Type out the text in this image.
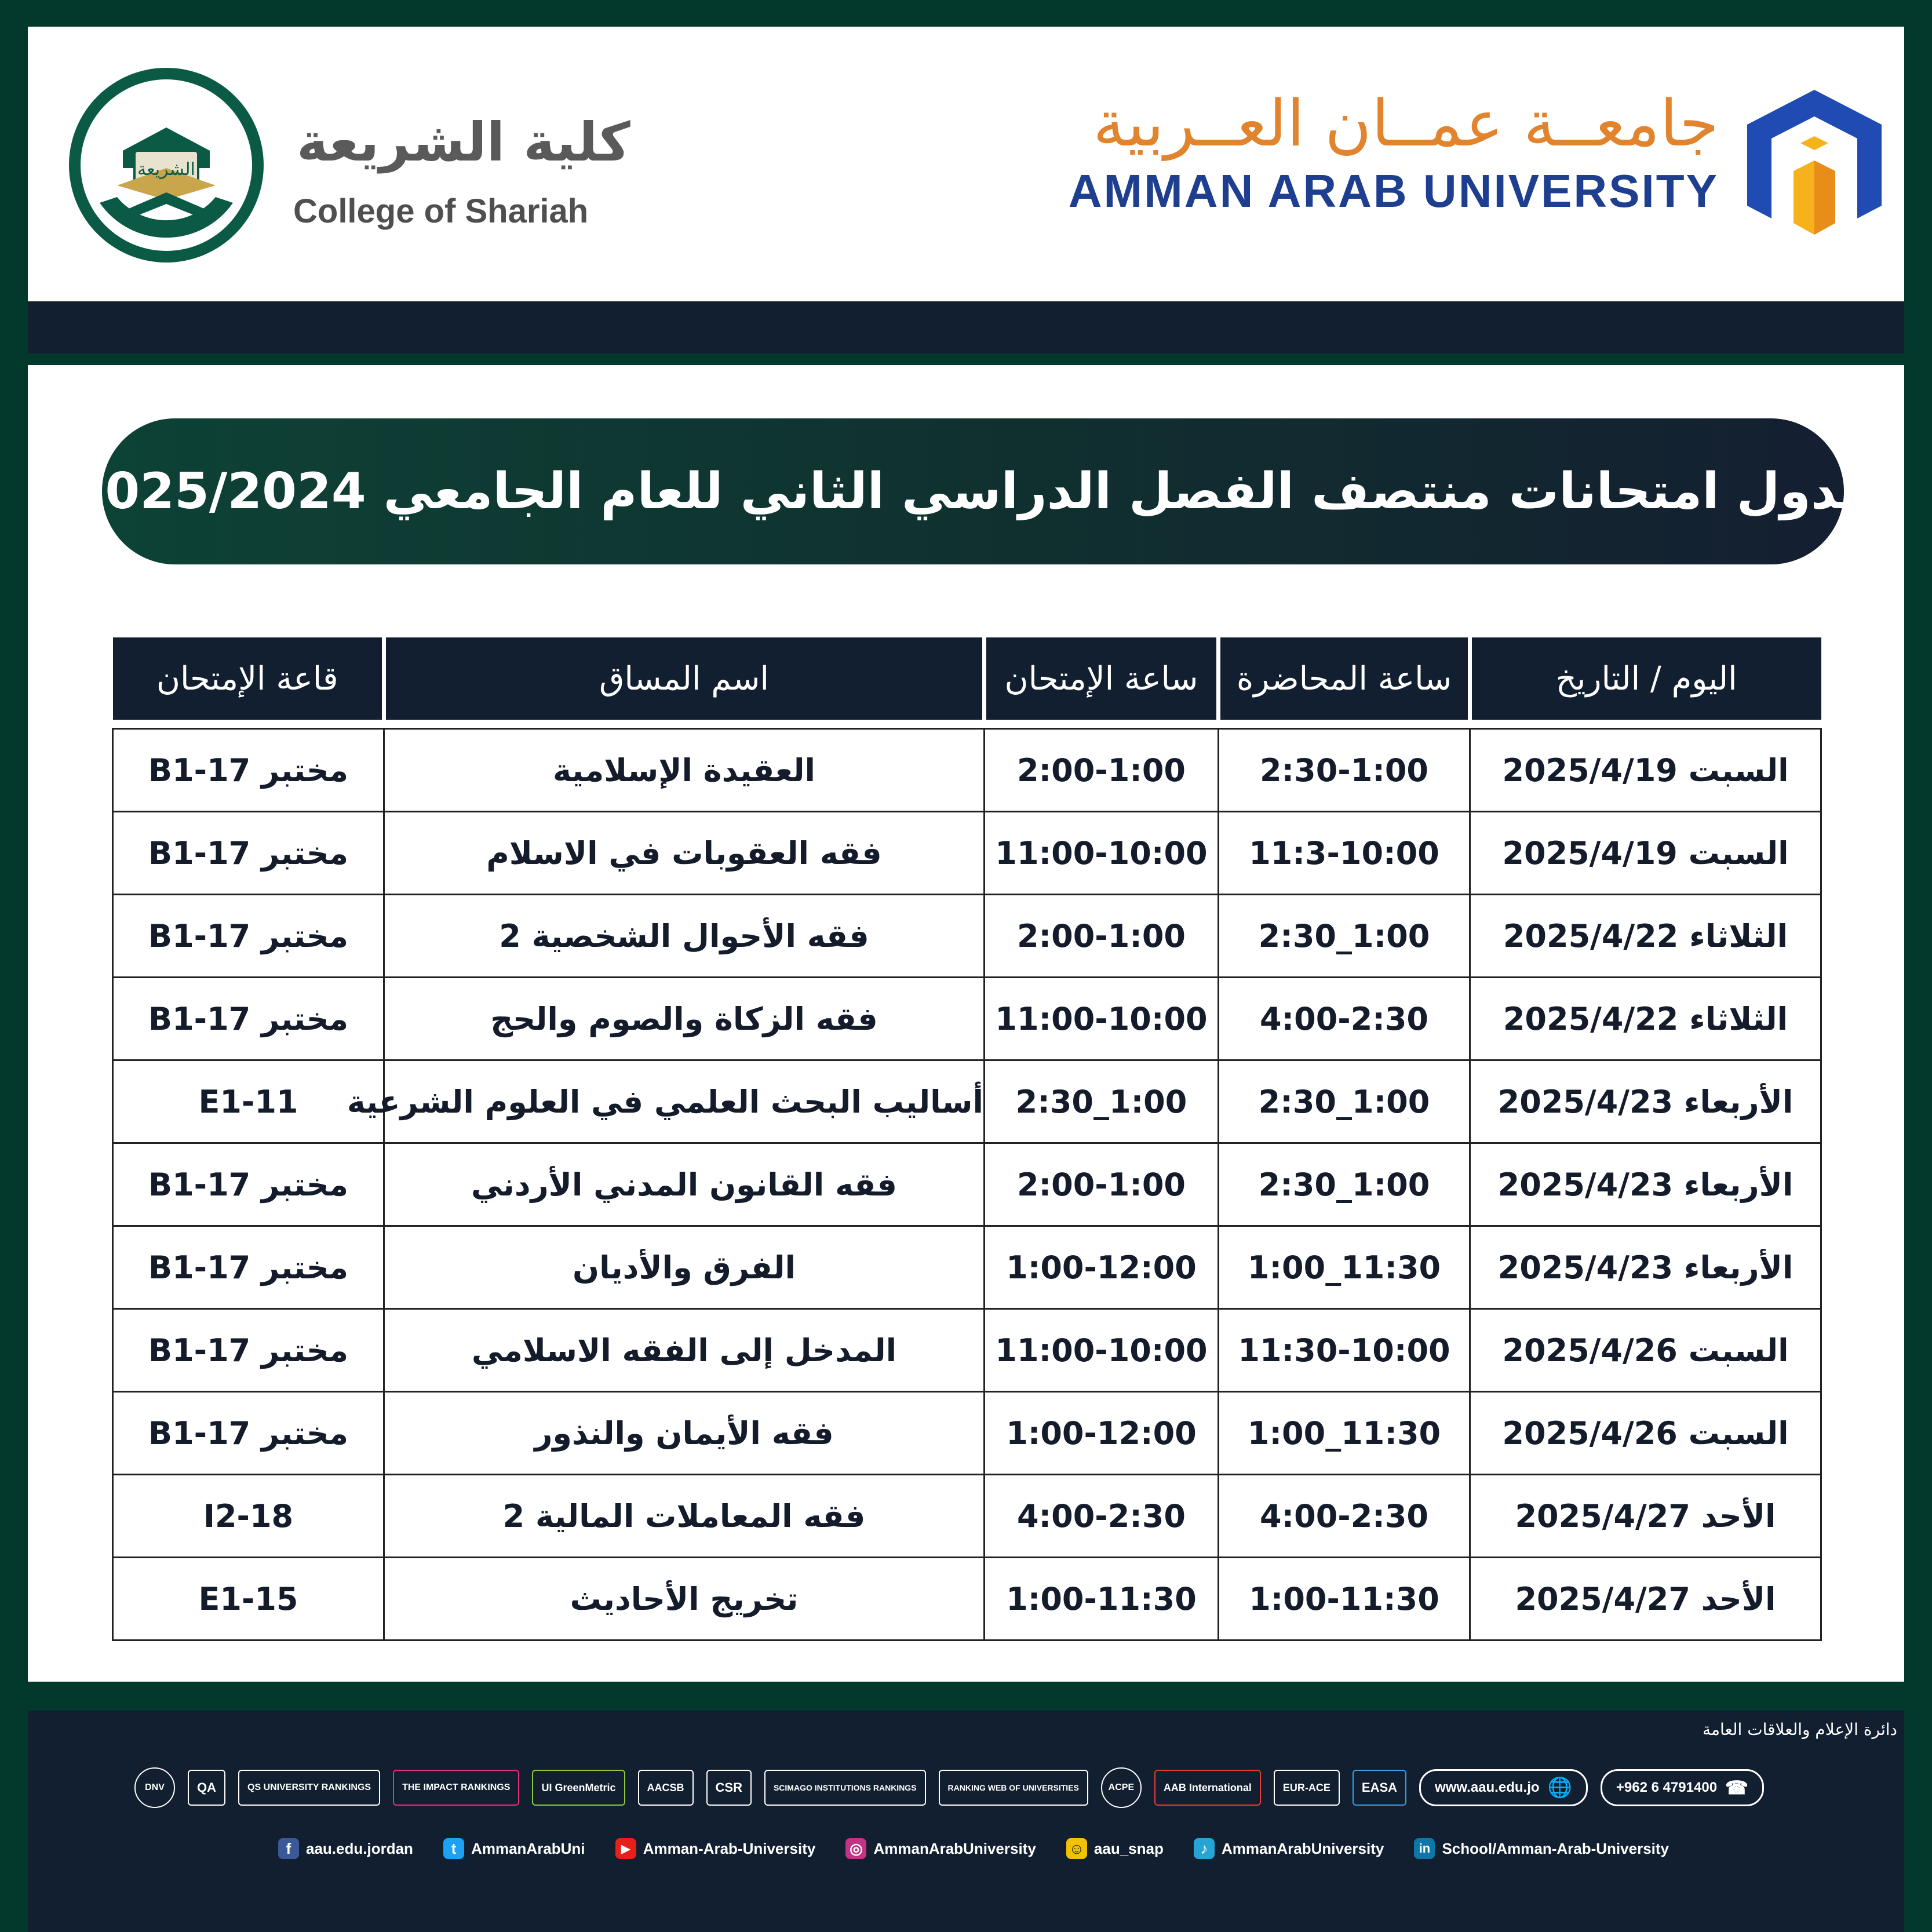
جامعــة عمــان العــربية
AMMAN ARAB UNIVERSITY
الشريعة كلية الشريعة
College of Shariah
جدول امتحانات منتصف الفصل الدراسي الثاني للعام الجامعي 2025/2024
اليوم / التاريخ	ساعة المحاضرة	ساعة الإمتحان	اسم المساق	قاعة الإمتحان

السبت 2025/4/19	2:30-1:00	2:00-1:00	العقيدة الإسلامية	مختبر B1-17
السبت 2025/4/19	11:3-10:00	11:00-10:00	فقه العقوبات في الاسلام	مختبر B1-17
الثلاثاء 2025/4/22	1:00_2:30	2:00-1:00	فقه الأحوال الشخصية 2	مختبر B1-17
الثلاثاء 2025/4/22	4:00-2:30	11:00-10:00	فقه الزكاة والصوم والحج	مختبر B1-17
الأربعاء 2025/4/23	1:00_2:30	1:00_2:30	أساليب البحث العلمي في العلوم الشرعية	E1-11
الأربعاء 2025/4/23	1:00_2:30	2:00-1:00	فقه القانون المدني الأردني	مختبر B1-17
الأربعاء 2025/4/23	11:30_1:00	1:00-12:00	الفرق والأديان	مختبر B1-17
السبت 2025/4/26	11:30-10:00	11:00-10:00	المدخل إلى الفقه الاسلامي	مختبر B1-17
السبت 2025/4/26	11:30_1:00	1:00-12:00	فقه الأيمان والنذور	مختبر B1-17
الأحد 2025/4/27	4:00-2:30	4:00-2:30	فقه المعاملات المالية 2	I2-18
الأحد 2025/4/27	1:00-11:30	1:00-11:30	تخريج الأحاديث	E1-15
دائرة الإعلام والعلاقات العامة
DNV	QA	QS UNIVERSITY RANKINGS	THE IMPACT RANKINGS	UI GreenMetric	AACSB	CSR	SCIMAGO INSTITUTIONS RANKINGS	RANKING WEB OF UNIVERSITIES	ACPE	AAB International	EUR-ACE	EASA	www.aau.edu.jo 🌐	+962 6 4791400 ☎
f aau.edu.jordan	t AmmanArabUni	▶ Amman-Arab-University ◎ AmmanArabUniversity ☺ aau_snap	♪ AmmanArabUniversity	in School/Amman-Arab-University
